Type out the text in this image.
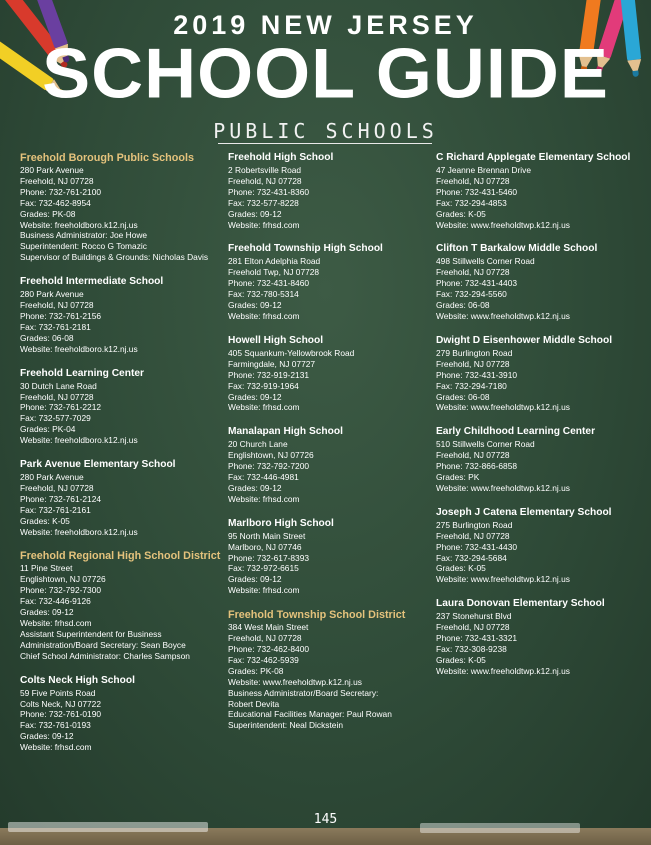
2019 NEW JERSEY
SCHOOL GUIDE
PUBLIC SCHOOLS
Freehold Borough Public Schools
280 Park Avenue
Freehold, NJ 07728
Phone: 732-761-2100
Fax: 732-462-8954
Grades: PK-08
Website: freeholdboro.k12.nj.us
Business Administrator: Joe Howe
Superintendent: Rocco G Tomazic
Supervisor of Buildings & Grounds: Nicholas Davis
Freehold Intermediate School
280 Park Avenue
Freehold, NJ 07728
Phone: 732-761-2156
Fax: 732-761-2181
Grades: 06-08
Website: freeholdboro.k12.nj.us
Freehold Learning Center
30 Dutch Lane Road
Freehold, NJ 07728
Phone: 732-761-2212
Fax: 732-577-7029
Grades: PK-04
Website: freeholdboro.k12.nj.us
Park Avenue Elementary School
280 Park Avenue
Freehold, NJ 07728
Phone: 732-761-2124
Fax: 732-761-2161
Grades: K-05
Website: freeholdboro.k12.nj.us
Freehold Regional High School District
11 Pine Street
Englishtown, NJ 07726
Phone: 732-792-7300
Fax: 732-446-9126
Grades: 09-12
Website: frhsd.com
Assistant Superintendent for Business
Administration/Board Secretary: Sean Boyce
Chief School Administrator: Charles Sampson
Colts Neck High School
59 Five Points Road
Colts Neck, NJ 07722
Phone: 732-761-0190
Fax: 732-761-0193
Grades: 09-12
Website: frhsd.com
Freehold High School
2 Robertsville Road
Freehold, NJ 07728
Phone: 732-431-8360
Fax: 732-577-8228
Grades: 09-12
Website: frhsd.com
Freehold Township High School
281 Elton Adelphia Road
Freehold Twp, NJ 07728
Phone: 732-431-8460
Fax: 732-780-5314
Grades: 09-12
Website: frhsd.com
Howell High School
405 Squankum-Yellowbrook Road
Farmingdale, NJ 07727
Phone: 732-919-2131
Fax: 732-919-1964
Grades: 09-12
Website: frhsd.com
Manalapan High School
20 Church Lane
Englishtown, NJ 07726
Phone: 732-792-7200
Fax: 732-446-4981
Grades: 09-12
Website: frhsd.com
Marlboro High School
95 North Main Street
Marlboro, NJ 07746
Phone: 732-617-8393
Fax: 732-972-6615
Grades: 09-12
Website: frhsd.com
Freehold Township School District
384 West Main Street
Freehold, NJ 07728
Phone: 732-462-8400
Fax: 732-462-5939
Grades: PK-08
Website: www.freeholdtwp.k12.nj.us
Business Administrator/Board Secretary:
Robert Devita
Educational Facilities Manager: Paul Rowan
Superintendent: Neal Dickstein
C Richard Applegate Elementary School
47 Jeanne Brennan Drive
Freehold, NJ 07728
Phone: 732-431-5460
Fax: 732-294-4853
Grades: K-05
Website: www.freeholdtwp.k12.nj.us
Clifton T Barkalow Middle School
498 Stillwells Corner Road
Freehold, NJ 07728
Phone: 732-431-4403
Fax: 732-294-5560
Grades: 06-08
Website: www.freeholdtwp.k12.nj.us
Dwight D Eisenhower Middle School
279 Burlington Road
Freehold, NJ 07728
Phone: 732-431-3910
Fax: 732-294-7180
Grades: 06-08
Website: www.freeholdtwp.k12.nj.us
Early Childhood Learning Center
510 Stillwells Corner Road
Freehold, NJ 07728
Phone: 732-866-6858
Grades: PK
Website: www.freeholdtwp.k12.nj.us
Joseph J Catena Elementary School
275 Burlington Road
Freehold, NJ 07728
Phone: 732-431-4430
Fax: 732-294-5684
Grades: K-05
Website: www.freeholdtwp.k12.nj.us
Laura Donovan Elementary School
237 Stonehurst Blvd
Freehold, NJ 07728
Phone: 732-431-3321
Fax: 732-308-9238
Grades: K-05
Website: www.freeholdtwp.k12.nj.us
145
